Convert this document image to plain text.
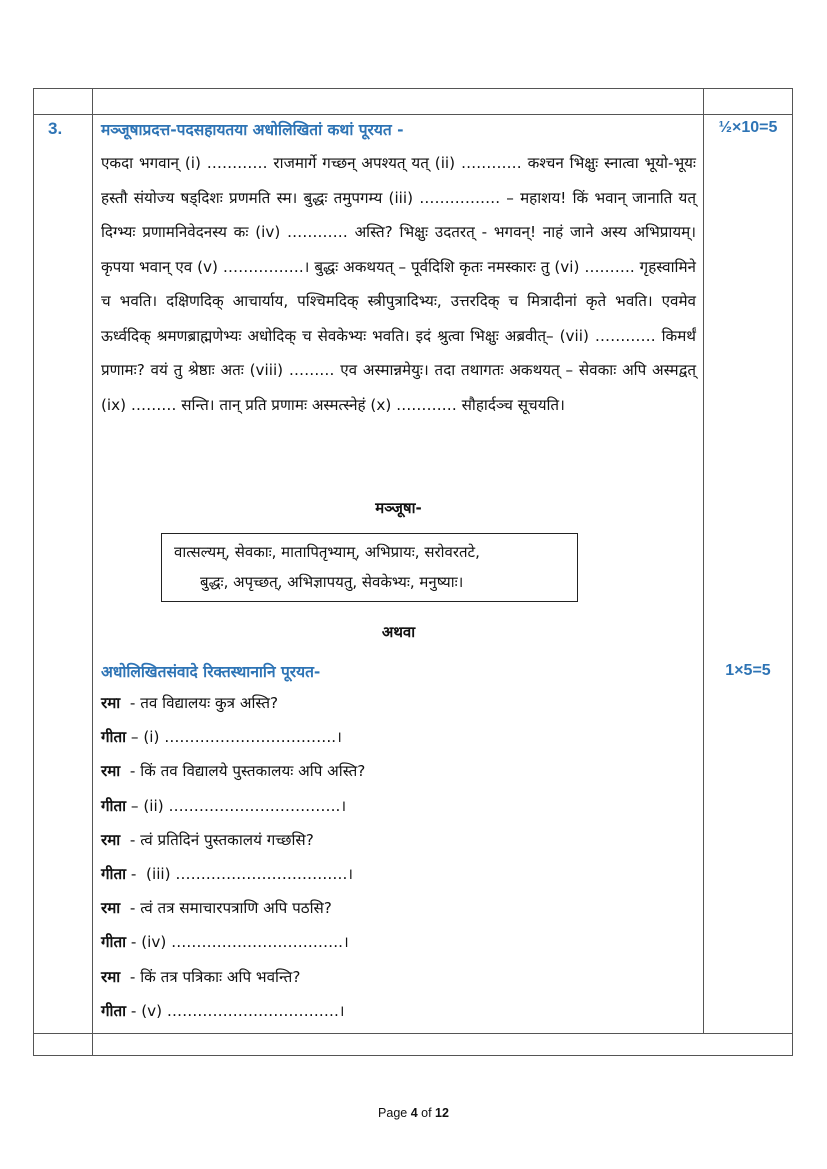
3.	मञ्जूषाप्रदत्त-पदसहायतया अधोलिखितां कथां पूरयत -	½×10=5
एकदा भगवान् (i) ………… राजमार्गे गच्छन् अपश्यत् यत् (ii) ………… कश्चन भिक्षुः स्नात्वा भूयो-भूयः हस्तौ संयोज्य षड्दिशः प्रणमति स्म। बुद्धः तमुपगम्य (iii) ……………. – महाशय! किं भवान् जानाति यत् दिग्भ्यः प्रणामनिवेदनस्य कः (iv) ………… अस्ति? भिक्षुः उदतरत् - भगवन्! नाहं जाने अस्य अभिप्रायम्। कृपया भवान् एव (v) …………….। बुद्धः अकथयत् – पूर्वदिशि कृतः नमस्कारः तु (vi) ………. गृहस्वामिने च भवति। दक्षिणदिक् आचार्याय, पश्चिमदिक् स्त्रीपुत्रादिभ्यः, उत्तरदिक् च मित्रादीनां कृते भवति। एवमेव ऊर्ध्वदिक् श्रमणब्राह्मणेभ्यः अधोदिक् च सेवकेभ्यः भवति। इदं श्रुत्वा भिक्षुः अब्रवीत्– (vii) ………… किमर्थं प्रणामः? वयं तु श्रेष्ठाः अतः (viii) ……… एव अस्मान्नमेयुः। तदा तथागतः अकथयत् – सेवकाः अपि अस्मद्वत् (ix) ……… सन्ति। तान् प्रति प्रणामः अस्मत्स्नेहं (x) ………… सौहार्दञ्च सूचयति।
मञ्जूषा-
वात्सल्यम्, सेवकाः, मातापितृभ्याम्, अभिप्रायः, सरोवरतटे,
बुद्धः, अपृच्छत्, अभिज्ञापयतु, सेवकेभ्यः, मनुष्याः।
अथवा
अधोलिखितसंवादे रिक्तस्थानानि पूरयत-	1×5=5
रमा  - तव विद्यालयः कुत्र अस्ति?
गीता – (i) …………………………….।
रमा  - किं तव विद्यालये पुस्तकालयः अपि अस्ति?
गीता – (ii) …………………………….।
रमा  - त्वं प्रतिदिनं पुस्तकालयं गच्छसि?
गीता -  (iii) …………………………….।
रमा  - त्वं तत्र समाचारपत्राणि अपि पठसि?
गीता - (iv) …………………………….।
रमा  - किं तत्र पत्रिकाः अपि भवन्ति?
गीता - (v) …………………………….।
Page 4 of 12
